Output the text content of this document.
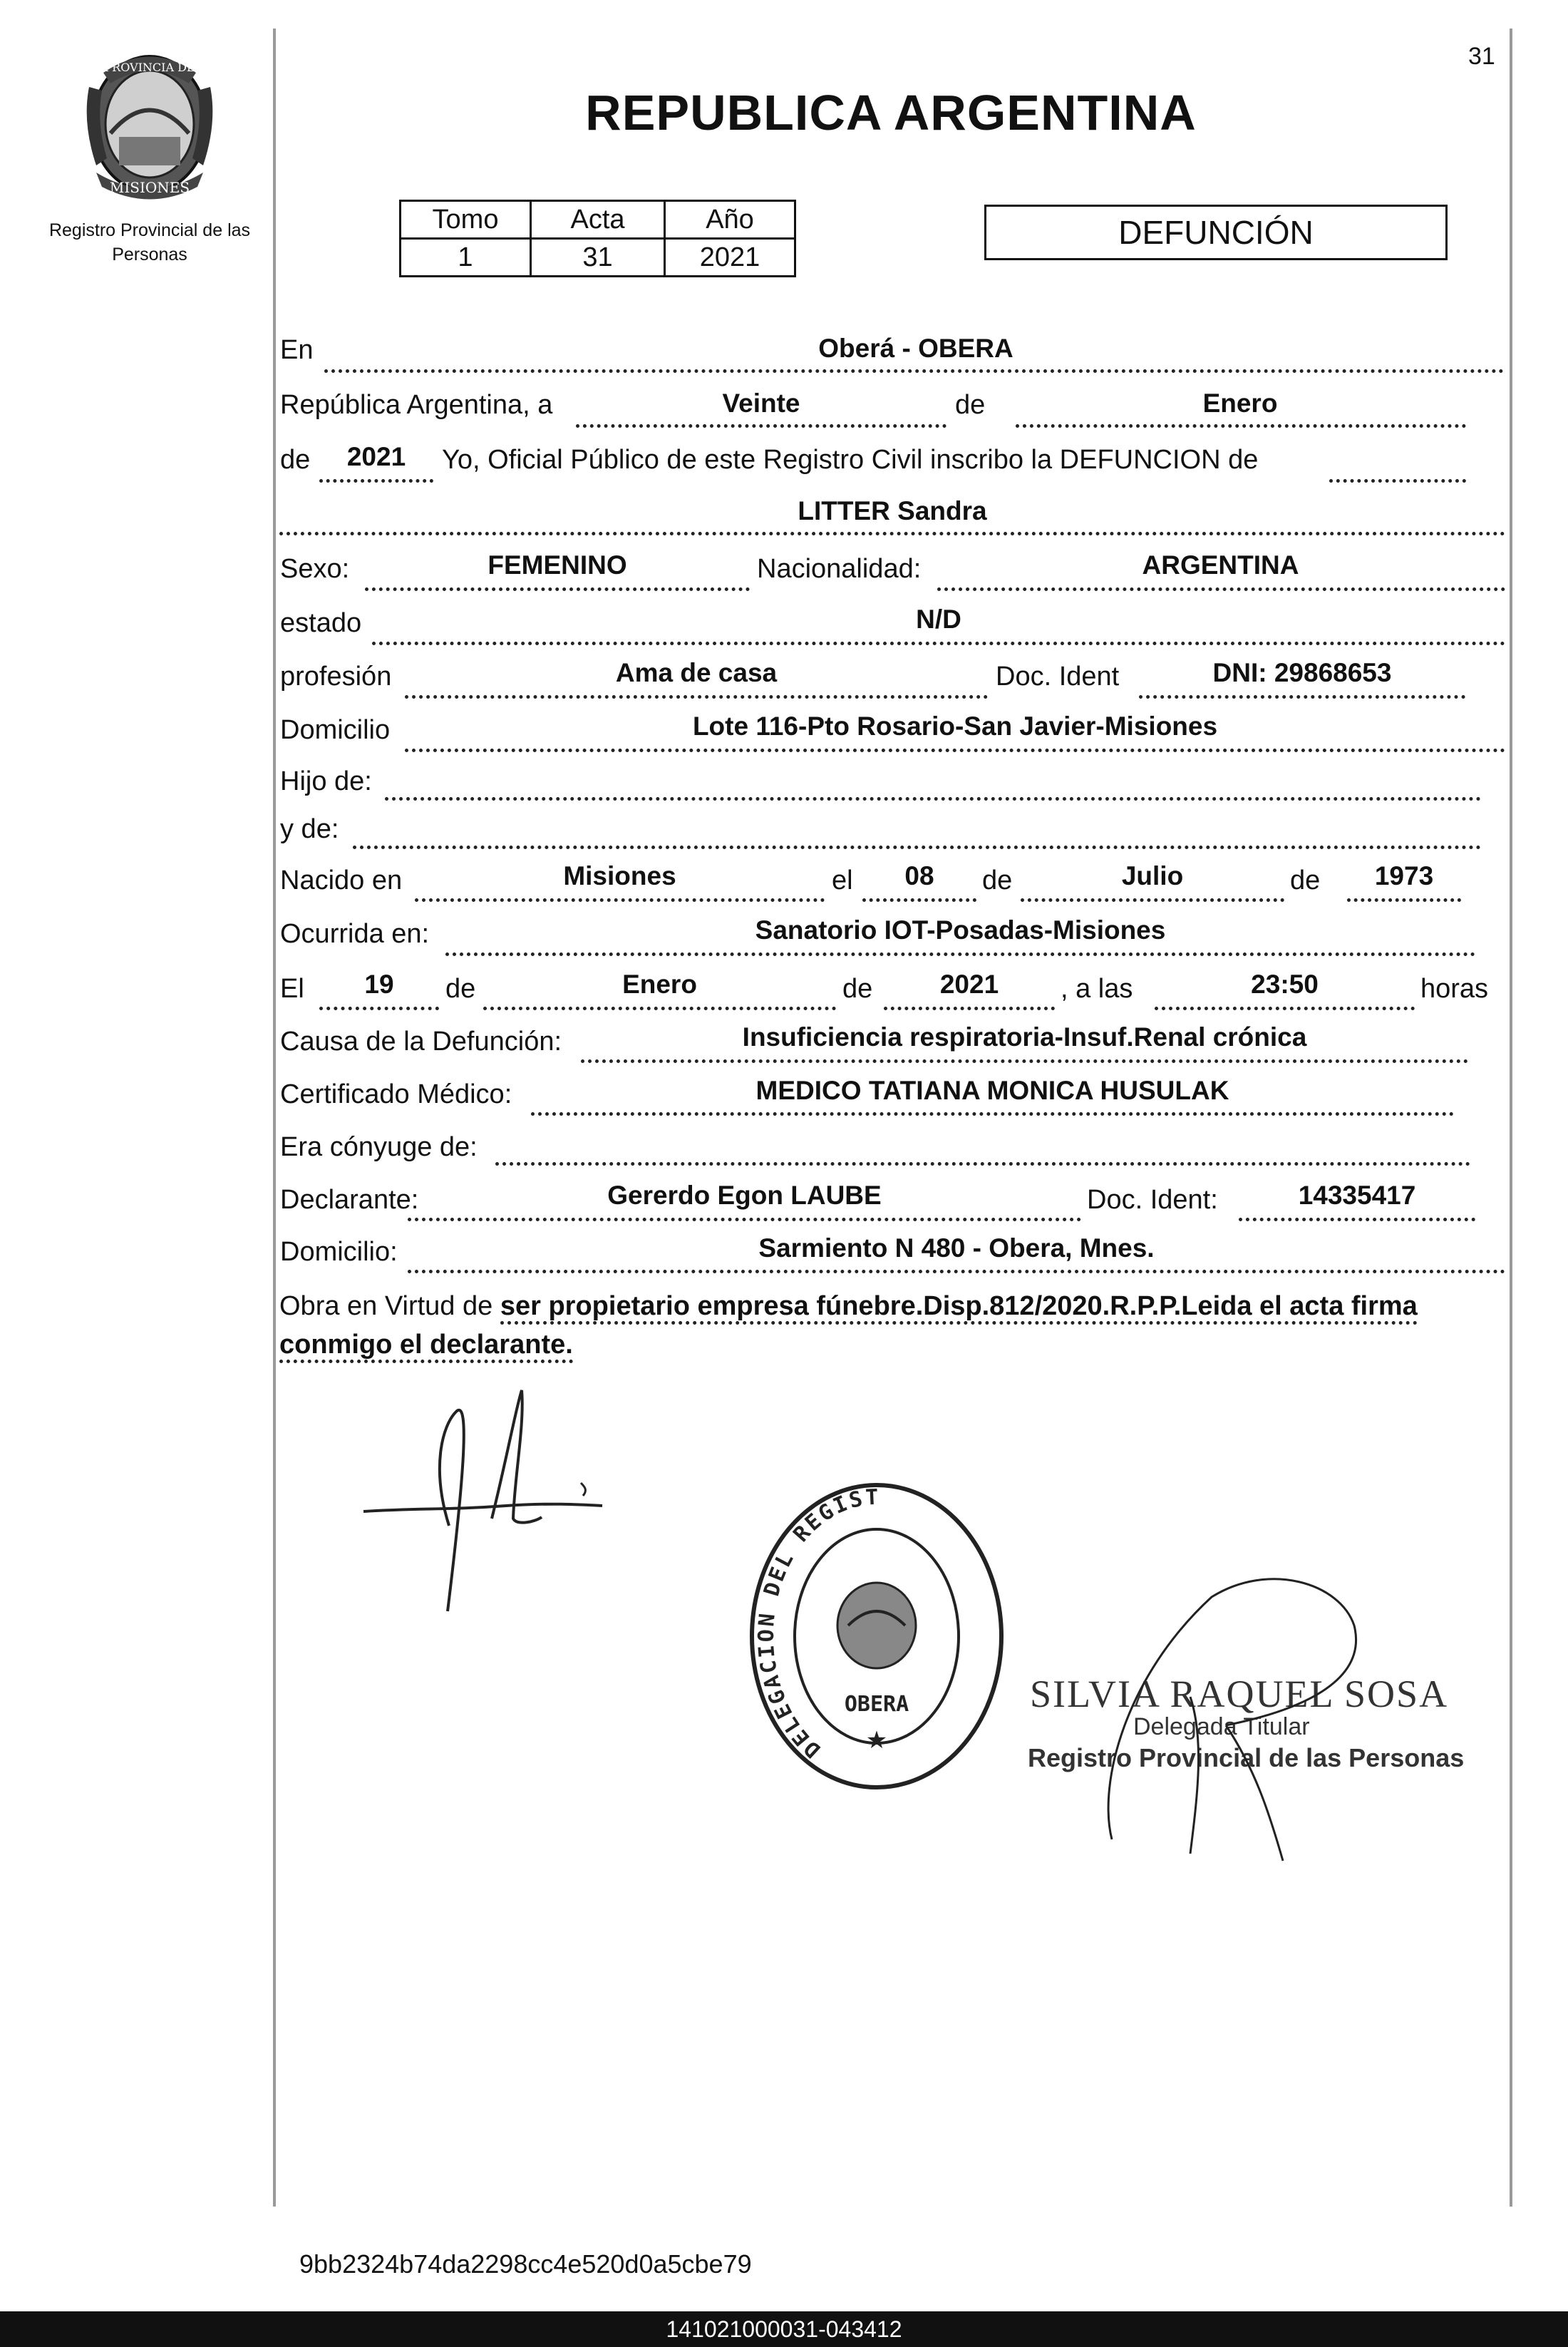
PROVINCIA DE
MISIONES
Registro Provincial de las Personas
31
REPUBLICA ARGENTINA
Tomo	Acta	Año
1	31	2021
DEFUNCIÓN
En	Oberá - OBERA
República Argentina, a	Veinte	de	Enero
de	2021	Yo, Oficial Público de este Registro Civil inscribo la DEFUNCION de
LITTER Sandra
Sexo:	FEMENINO	Nacionalidad:	ARGENTINA
estado	N/D
profesión	Ama de casa	Doc. Ident	DNI: 29868653
Domicilio	Lote 116-Pto Rosario-San Javier-Misiones
Hijo de:
y de:
Nacido en	Misiones	el	08	de	Julio	de	1973
Ocurrida en:	Sanatorio IOT-Posadas-Misiones
El	19	de	Enero	de	2021	, a las	23:50	horas
Causa de la Defunción:	Insuficiencia respiratoria-Insuf.Renal crónica
Certificado Médico:	MEDICO TATIANA MONICA HUSULAK
Era cónyuge de:
Declarante:	Gererdo Egon LAUBE	Doc. Ident:	14335417
Domicilio:	Sarmiento N 480 - Obera, Mnes.
Obra en Virtud de ser propietario empresa fúnebre.Disp.812/2020.R.P.P.Leida el acta firma conmigo el declarante.
DELEGACION DEL REGISTRO PROVINCIAL DE LAS PERSONAS
OBERA
★
SILVIA RAQUEL SOSA
Delegada Titular
Registro Provincial de las Personas
9bb2324b74da2298cc4e520d0a5cbe79
141021000031-043412
